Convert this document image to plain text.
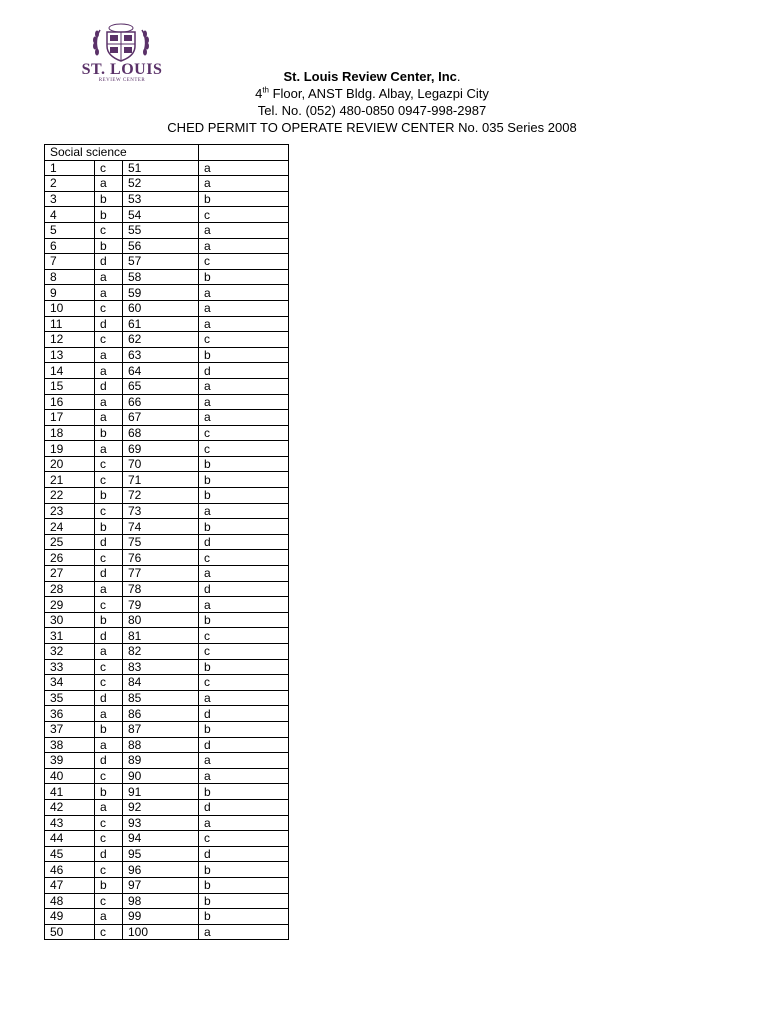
ST. LOUIS
REVIEW CENTER	St. Louis Review Center, Inc.
4th Floor, ANST Bldg. Albay, Legazpi City
Tel. No. (052) 480-0850 0947-998-2987
CHED PERMIT TO OPERATE REVIEW CENTER No. 035 Series 2008
Social science			
1	c	51	a
2	a	52	a
3	b	53	b
4	b	54	c
5	c	55	a
6	b	56	a
7	d	57	c
8	a	58	b
9	a	59	a
10	c	60	a
11	d	61	a
12	c	62	c
13	a	63	b
14	a	64	d
15	d	65	a
16	a	66	a
17	a	67	a
18	b	68	c
19	a	69	c
20	c	70	b
21	c	71	b
22	b	72	b
23	c	73	a
24	b	74	b
25	d	75	d
26	c	76	c
27	d	77	a
28	a	78	d
29	c	79	a
30	b	80	b
31	d	81	c
32	a	82	c
33	c	83	b
34	c	84	c
35	d	85	a
36	a	86	d
37	b	87	b
38	a	88	d
39	d	89	a
40	c	90	a
41	b	91	b
42	a	92	d
43	c	93	a
44	c	94	c
45	d	95	d
46	c	96	b
47	b	97	b
48	c	98	b
49	a	99	b
50	c	100	a
